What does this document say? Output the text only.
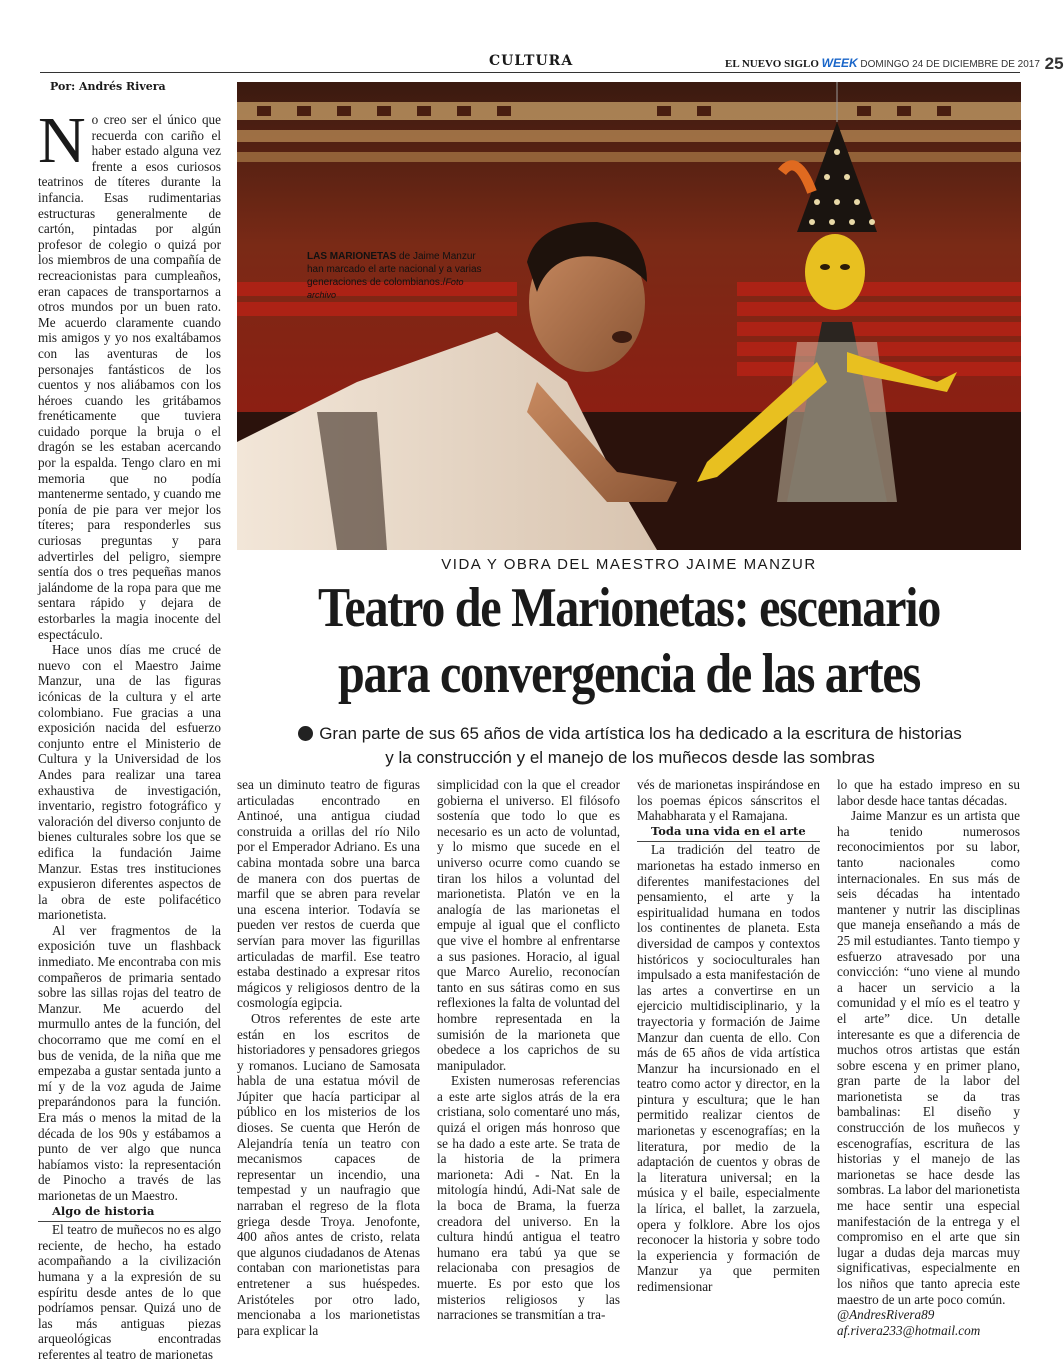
CULTURA	EL NUEVO SIGLO WEEK DOMINGO 24 DE DICIEMBRE DE 2017 25
Por: Andrés Rivera
LAS MARIONETAS de Jaime Manzur han marcado el arte nacional y a varias generaciones de colombianos./Foto archivo
VIDA Y OBRA DEL MAESTRO JAIME MANZUR
Teatro de Marionetas: escenario
para convergencia de las artes
Gran parte de sus 65 años de vida artística los ha dedicado a la escritura de historias
y la construcción y el manejo de los muñecos desde las sombras

No creo ser el único que recuerda con cariño el haber estado alguna vez frente a esos curiosos teatrinos de títeres durante la infancia. Esas rudimentarias estructuras generalmente de cartón, pintadas por algún profesor de colegio o quizá por los miembros de una compañía de recreacionistas para cumpleaños, eran capaces de transportarnos a otros mundos por un buen rato. Me acuerdo claramente cuando mis amigos y yo nos exaltábamos con las aventuras de los personajes fantásticos de los cuentos y nos aliábamos con los héroes cuando les gritábamos frenéticamente que tuviera cuidado porque la bruja o el dragón se les estaban acercando por la espalda. Tengo claro en mi memoria que no podía mantenerme sentado, y cuando me ponía de pie para ver mejor los títeres; para responderles sus curiosas preguntas y para advertirles del peligro, siempre sentía dos o tres pequeñas manos jalándome de la ropa para que me sentara rápido y dejara de estorbarles la magia inocente del espectáculo.

Hace unos días me crucé de nuevo con el Maestro Jaime Manzur, una de las figuras icónicas de la cultura y el arte colombiano. Fue gracias a una exposición nacida del esfuerzo conjunto entre el Ministerio de Cultura y la Universidad de los Andes para realizar una tarea exhaustiva de investigación, inventario, registro fotográfico y valoración del diverso conjunto de bienes culturales sobre los que se edifica la fundación Jaime Manzur. Estas tres instituciones expusieron diferentes aspectos de la obra de este polifacético marionetista.

Al ver fragmentos de la exposición tuve un flashback inmediato. Me encontraba con mis compañeros de primaria sentado sobre las sillas rojas del teatro de Manzur. Me acuerdo del murmullo antes de la función, del chocorramo que me comí en el bus de venida, de la niña que me empezaba a gustar sentada junto a mí y de la voz aguda de Jaime preparándonos para la función. Era más o menos la mitad de la década de los 90s y estábamos a punto de ver algo que nunca habíamos visto: la representación de Pinocho a través de las marionetas de un Maestro.

Algo de historia

El teatro de muñecos no es algo reciente, de hecho, ha estado acompañando a la civilización humana y a la expresión de su espíritu desde antes de lo que podríamos pensar. Quizá uno de las más antiguas piezas arqueológicas encontradas referentes al teatro de marionetas

sea un diminuto teatro de figuras articuladas encontrado en Antinoé, una antigua ciudad construida a orillas del río Nilo por el Emperador Adriano. Es una cabina montada sobre una barca de manera con dos puertas de marfil que se abren para revelar una escena interior. Todavía se pueden ver restos de cuerda que servían para mover las figurillas articuladas de marfil. Ese teatro estaba destinado a expresar ritos mágicos y religiosos dentro de la cosmología egipcia.

Otros referentes de este arte están en los escritos de historiadores y pensadores griegos y romanos. Luciano de Samosata habla de una estatua móvil de Júpiter que hacía participar al público en los misterios de los dioses. Se cuenta que Herón de Alejandría tenía un teatro con mecanismos capaces de representar un incendio, una tempestad y un naufragio que narraban el regreso de la flota griega desde Troya. Jenofonte, 400 años antes de cristo, relata que algunos ciudadanos de Atenas contaban con marionetistas para entretener a sus huéspedes. Aristóteles por otro lado, mencionaba a los marionetistas para explicar la

simplicidad con la que el creador gobierna el universo. El filósofo sostenía que todo lo que es necesario es un acto de voluntad, y lo mismo que sucede en el universo ocurre como cuando se tiran los hilos a voluntad del marionetista. Platón ve en la analogía de las marionetas el empuje al igual que el conflicto que vive el hombre al enfrentarse a sus pasiones. Horacio, al igual que Marco Aurelio, reconocían tanto en sus sátiras como en sus reflexiones la falta de voluntad del hombre representada en la sumisión de la marioneta que obedece a los caprichos de su manipulador.

Existen numerosas referencias a este arte siglos atrás de la era cristiana, solo comentaré uno más, quizá el origen más honroso que se ha dado a este arte. Se trata de la historia de la primera marioneta: Adi - Nat. En la mitología hindú, Adi-Nat sale de la boca de Brama, la fuerza creadora del universo. En la cultura hindú antigua el teatro humano era tabú ya que se relacionaba con presagios de muerte. Es por esto que los misterios religiosos y las narraciones se transmitían a tra-

vés de marionetas inspirándose en los poemas épicos sánscritos el Mahabharata y el Ramajana.

Toda una vida en el arte

La tradición del teatro de marionetas ha estado inmerso en diferentes manifestaciones del pensamiento, el arte y la espiritualidad humana en todos los continentes de planeta. Esta diversidad de campos y contextos históricos y socioculturales han impulsado a esta manifestación de las artes a convertirse en un ejercicio multidisciplinario, y la trayectoria y formación de Jaime Manzur dan cuenta de ello. Con más de 65 años de vida artística Manzur ha incursionado en el teatro como actor y director, en la pintura y escultura; que le han permitido realizar cientos de marionetas y escenografías; en la literatura, por medio de la adaptación de cuentos y obras de la literatura universal; en la música y el baile, especialmente la lírica, el ballet, la zarzuela, opera y folklore. Abre los ojos reconocer la historia y sobre todo la experiencia y formación de Manzur ya que permiten redimensionar

lo que ha estado impreso en su labor desde hace tantas décadas.

Jaime Manzur es un artista que ha tenido numerosos reconocimientos por su labor, tanto nacionales como internacionales. En sus más de seis décadas ha intentado mantener y nutrir las disciplinas que maneja enseñando a más de 25 mil estudiantes. Tanto tiempo y esfuerzo atravesado por una convicción: “uno viene al mundo a hacer un servicio a la comunidad y el mío es el teatro y el arte” dice. Un detalle interesante es que a diferencia de muchos otros artistas que están sobre escena y en primer plano, gran parte de la labor del marionetista se da tras bambalinas: El diseño y construcción de los muñecos y escenografías, escritura de las historias y el manejo de las marionetas se hace desde las sombras. La labor del marionetista me hace sentir una especial manifestación de la entrega y el compromiso en el arte que sin lugar a dudas deja marcas muy significativas, especialmente en los niños que tanto aprecia este maestro de un arte poco común.

@AndresRivera89

af.rivera233@hotmail.com
